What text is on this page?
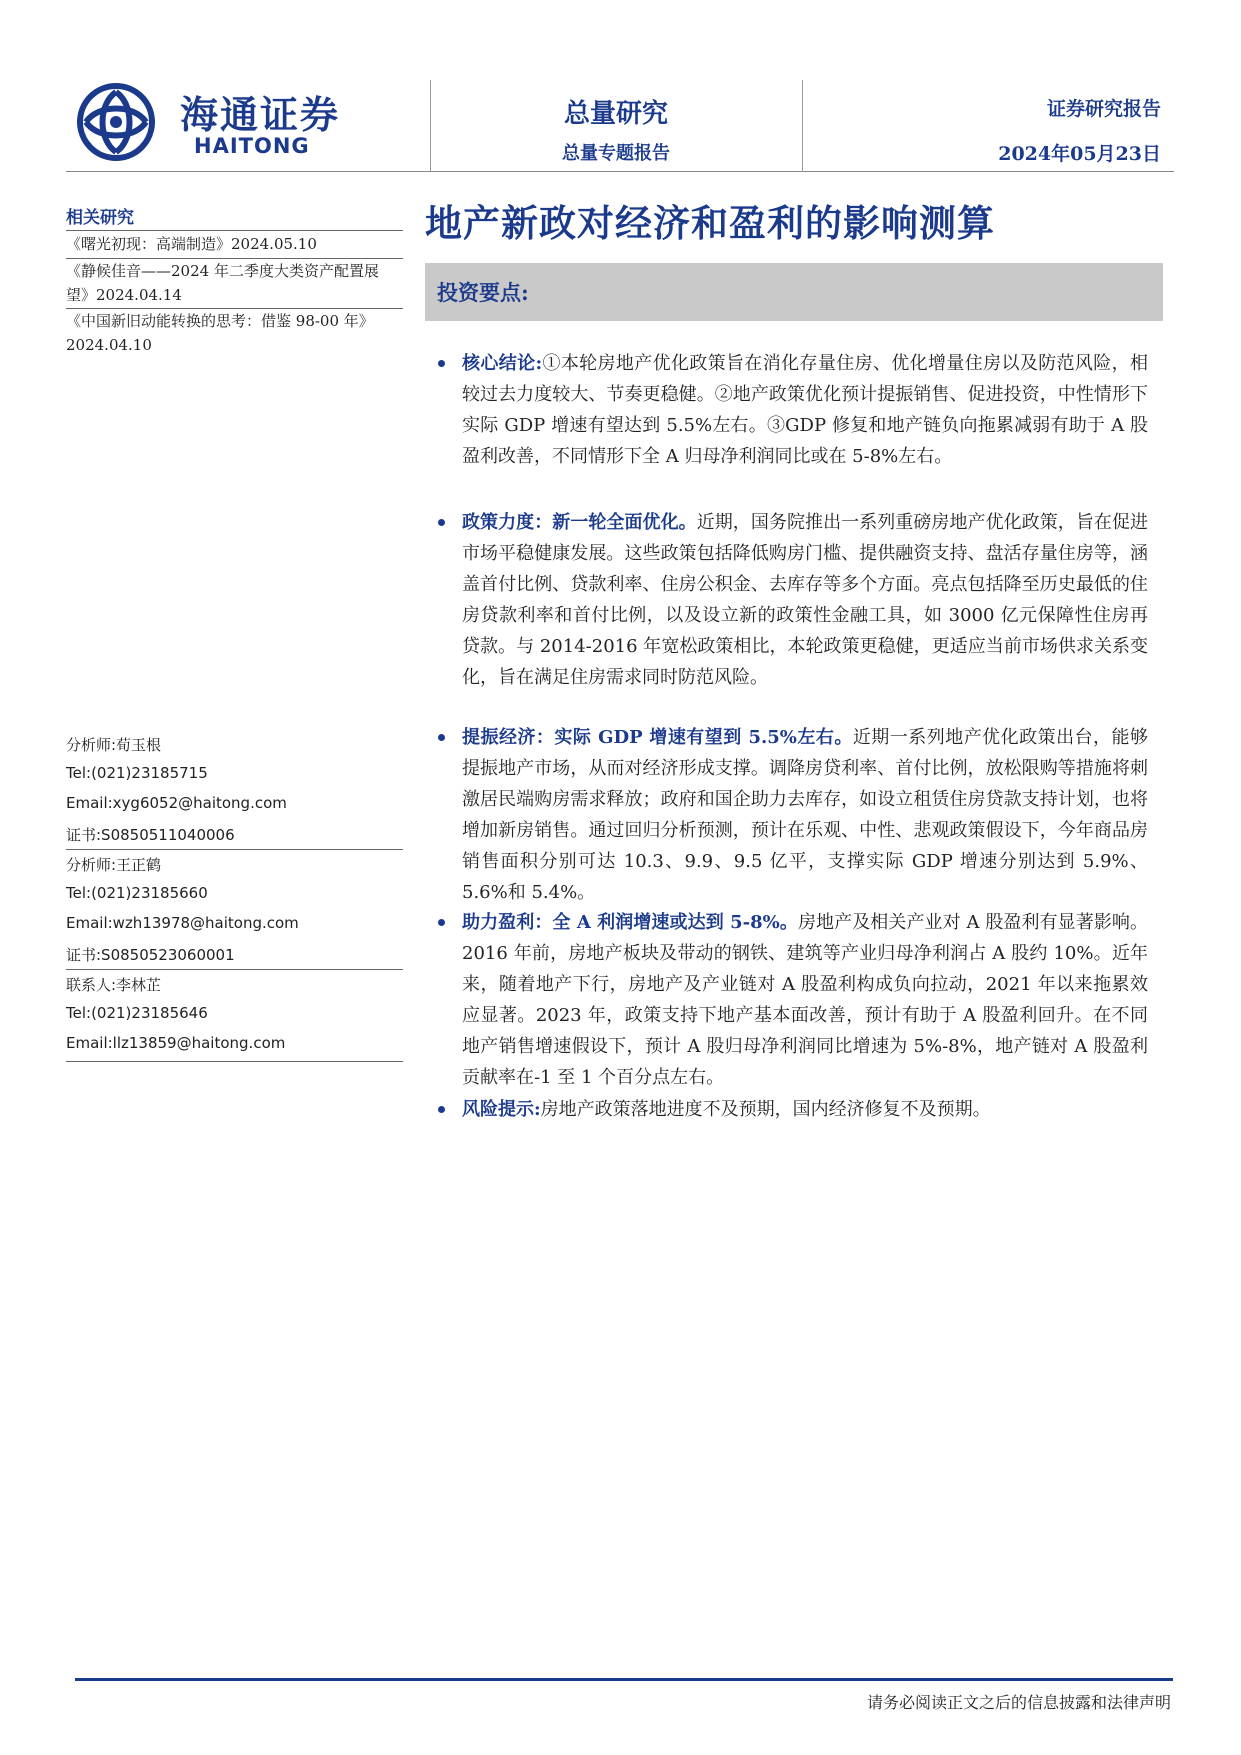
海通证券
HAITONG
总量研究
总量专题报告
证券研究报告
2024年05月23日
相关研究
《曙光初现：高端制造》2024.05.10
《静候佳音——2024 年二季度大类资产配置展望》2024.04.14
《中国新旧动能转换的思考：借鉴 98-00 年》2024.04.10
分析师:荀玉根
Tel:(021)23185715
Email:xyg6052@haitong.com
证书:S0850511040006
分析师:王正鹤
Tel:(021)23185660
Email:wzh13978@haitong.com
证书:S0850523060001
联系人:李林芷
Tel:(021)23185646
Email:llz13859@haitong.com
地产新政对经济和盈利的影响测算
投资要点:
核心结论:①本轮房地产优化政策旨在消化存量住房、优化增量住房以及防范风险，相较过去力度较大、节奏更稳健。②地产政策优化预计提振销售、促进投资，中性情形下实际 GDP 增速有望达到 5.5%左右。③GDP 修复和地产链负向拖累减弱有助于 A 股盈利改善，不同情形下全 A 归母净利润同比或在 5-8%左右。
政策力度：新一轮全面优化。近期，国务院推出一系列重磅房地产优化政策，旨在促进市场平稳健康发展。这些政策包括降低购房门槛、提供融资支持、盘活存量住房等，涵盖首付比例、贷款利率、住房公积金、去库存等多个方面。亮点包括降至历史最低的住房贷款利率和首付比例，以及设立新的政策性金融工具，如 3000 亿元保障性住房再贷款。与 2014-2016 年宽松政策相比，本轮政策更稳健，更适应当前市场供求关系变化，旨在满足住房需求同时防范风险。
提振经济：实际 GDP 增速有望到 5.5%左右。近期一系列地产优化政策出台，能够提振地产市场，从而对经济形成支撑。调降房贷利率、首付比例，放松限购等措施将刺激居民端购房需求释放；政府和国企助力去库存，如设立租赁住房贷款支持计划，也将增加新房销售。通过回归分析预测，预计在乐观、中性、悲观政策假设下，今年商品房销售面积分别可达 10.3、9.9、9.5 亿平，支撑实际 GDP 增速分别达到 5.9%、5.6%和 5.4%。
助力盈利：全 A 利润增速或达到 5-8%。房地产及相关产业对 A 股盈利有显著影响。2016 年前，房地产板块及带动的钢铁、建筑等产业归母净利润占 A 股约 10%。近年来，随着地产下行，房地产及产业链对 A 股盈利构成负向拉动，2021 年以来拖累效应显著。2023 年，政策支持下地产基本面改善，预计有助于 A 股盈利回升。在不同地产销售增速假设下，预计 A 股归母净利润同比增速为 5%-8%，地产链对 A 股盈利贡献率在-1 至 1 个百分点左右。
风险提示:房地产政策落地进度不及预期，国内经济修复不及预期。
请务必阅读正文之后的信息披露和法律声明
